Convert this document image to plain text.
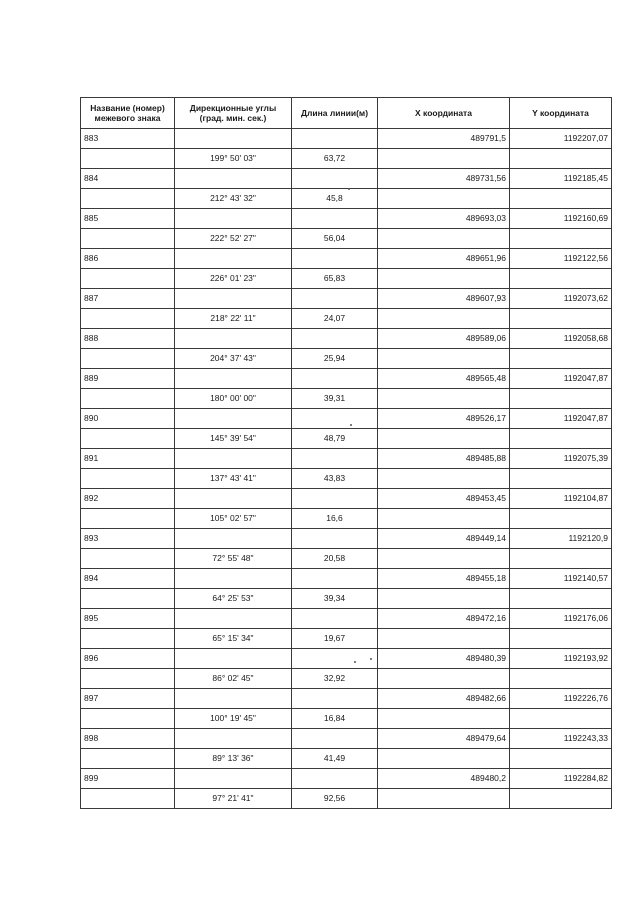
Название (номер) межевого знака	Дирекционные углы (град. мин. сек.)	Длина линии(м)	X координата	Y координата
883			489791,5	1192207,07
	199° 50' 03"	63,72		
884			489731,56	1192185,45
	212° 43' 32"	45,8		
885			489693,03	1192160,69
	222° 52' 27"	56,04		
886			489651,96	1192122,56
	226° 01' 23"	65,83		
887			489607,93	1192073,62
	218° 22' 11"	24,07		
888			489589,06	1192058,68
	204° 37' 43"	25,94		
889			489565,48	1192047,87
	180° 00' 00"	39,31		
890			489526,17	1192047,87
	145° 39' 54"	48,79		
891			489485,88	1192075,39
	137° 43' 41"	43,83		
892			489453,45	1192104,87
	105° 02' 57"	16,6		
893			489449,14	1192120,9
	72° 55' 48"	20,58		
894			489455,18	1192140,57
	64° 25' 53"	39,34		
895			489472,16	1192176,06
	65° 15' 34"	19,67		
896			489480,39	1192193,92
	86° 02' 45"	32,92		
897			489482,66	1192226,76
	100° 19' 45"	16,84		
898			489479,64	1192243,33
	89° 13' 36"	41,49		
899			489480,2	1192284,82
	97° 21' 41"	92,56		
